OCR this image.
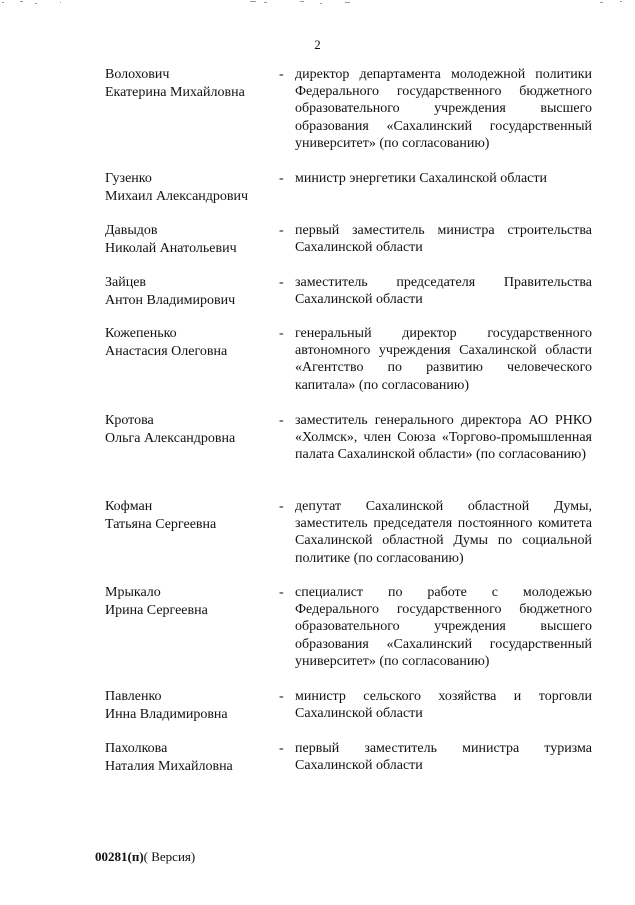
2
Волохович
Екатерина Михайловна
- директор департамента молодежной политики Федерального государственного бюджетного образовательного учреждения высшего образования «Сахалинский государственный университет» (по согласованию)
Гузенко
Михаил Александрович
- министр энергетики Сахалинской области
Давыдов
Николай Анатольевич
- первый заместитель министра строительства Сахалинской области
Зайцев
Антон Владимирович
- заместитель председателя Правительства Сахалинской области
Кожепенько
Анастасия Олеговна
- генеральный директор государственного автономного учреждения Сахалинской области «Агентство по развитию человеческого капитала» (по согласованию)
Кротова
Ольга Александровна
- заместитель генерального директора АО РНКО «Холмск», член Союза «Торгово-промышленная палата Сахалинской области» (по согласованию)
Кофман
Татьяна Сергеевна
- депутат Сахалинской областной Думы, заместитель председателя постоянного комитета Сахалинской областной Думы по социальной политике (по согласованию)
Мрыкало
Ирина Сергеевна
- специалист по работе с молодежью Федерального государственного бюджетного образовательного учреждения высшего образования «Сахалинский государственный университет» (по согласованию)
Павленко
Инна Владимировна
- министр сельского хозяйства и торговли Сахалинской области
Пахолкова
Наталия Михайловна
- первый заместитель министра туризма Сахалинской области
00281(п)( Версия)
